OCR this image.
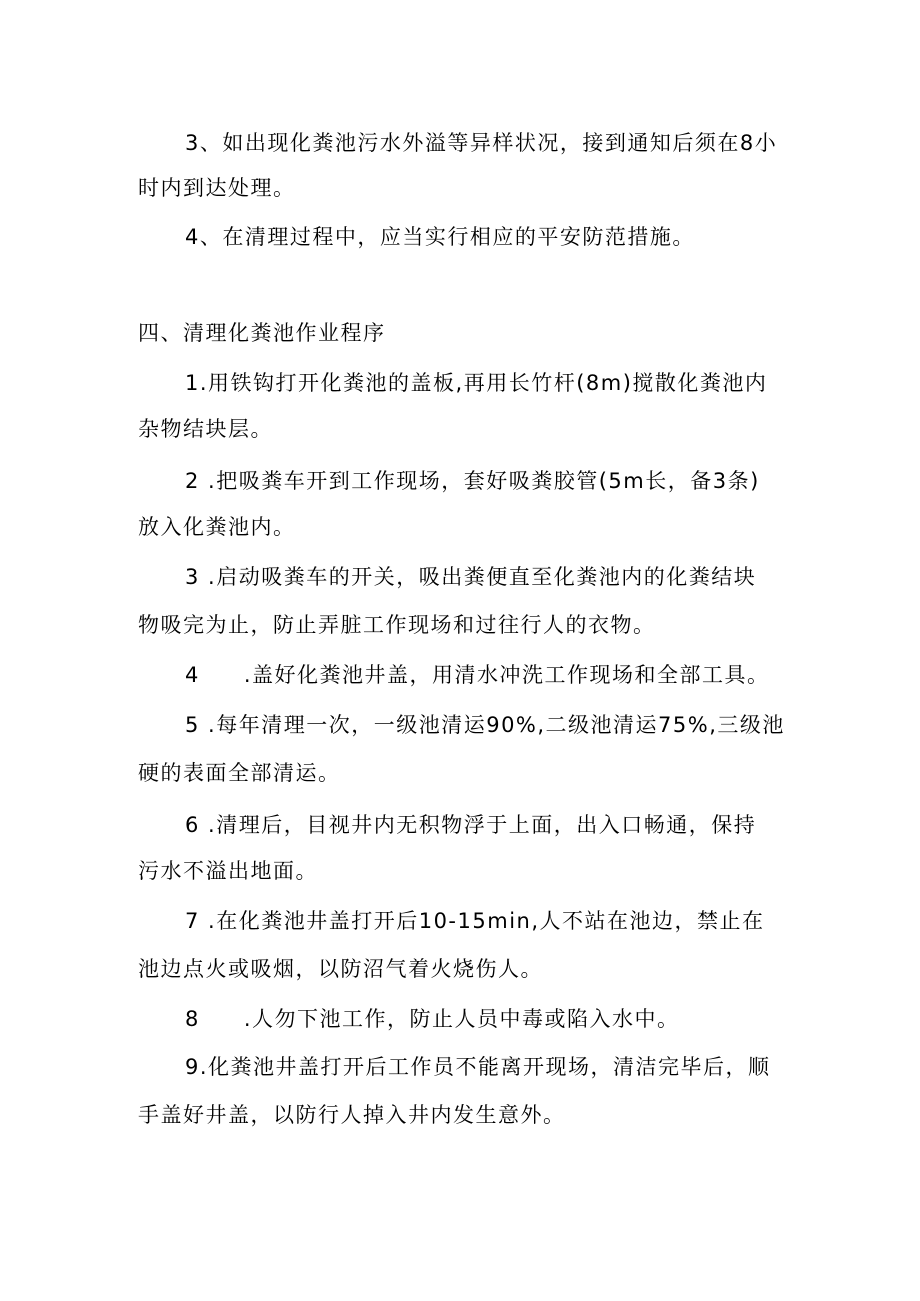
3、如出现化粪池污水外溢等异样状况，接到通知后须在8小
时内到达处理。
4、在清理过程中，应当实行相应的平安防范措施。
四、清理化粪池作业程序
1.用铁钩打开化粪池的盖板,再用长竹杆(8m)搅散化粪池内
杂物结块层。
2 .把吸粪车开到工作现场，套好吸粪胶管(5m长，备3条)
放入化粪池内。
3 .启动吸粪车的开关，吸出粪便直至化粪池内的化粪结块
物吸完为止，防止弄脏工作现场和过往行人的衣物。
4 .盖好化粪池井盖，用清水冲洗工作现场和全部工具。
5 .每年清理一次，一级池清运90%,二级池清运75%,三级池
硬的表面全部清运。
6 .清理后，目视井内无积物浮于上面，出入口畅通，保持
污水不溢出地面。
7 .在化粪池井盖打开后10-15min,人不站在池边，禁止在
池边点火或吸烟，以防沼气着火烧伤人。
8 .人勿下池工作，防止人员中毒或陷入水中。
9.化粪池井盖打开后工作员不能离开现场，清洁完毕后，顺
手盖好井盖，以防行人掉入井内发生意外。
